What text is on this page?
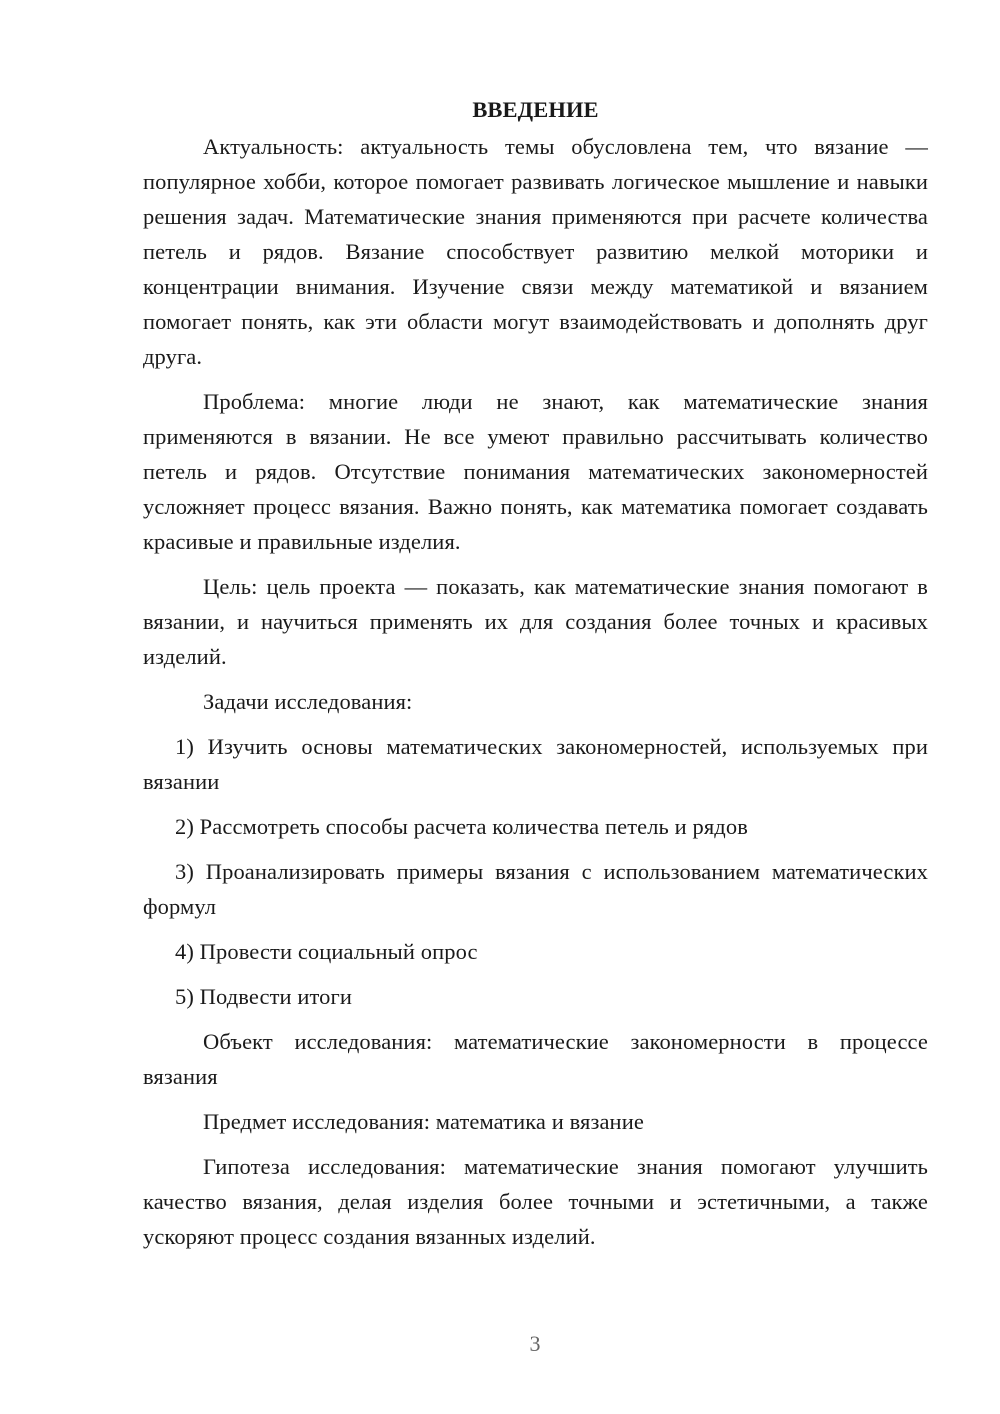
ВВЕДЕНИЕ

Актуальность: актуальность темы обусловлена тем, что вязание — популярное хобби, которое помогает развивать логическое мышление и навыки решения задач. Математические знания применяются при расчете количества петель и рядов. Вязание способствует развитию мелкой моторики и концентрации внимания. Изучение связи между математикой и вязанием помогает понять, как эти области могут взаимодействовать и дополнять друг друга.

Проблема: многие люди не знают, как математические знания применяются в вязании. Не все умеют правильно рассчитывать количество петель и рядов. Отсутствие понимания математических закономерностей усложняет процесс вязания. Важно понять, как математика помогает создавать красивые и правильные изделия.

Цель: цель проекта — показать, как математические знания помогают в вязании, и научиться применять их для создания более точных и красивых изделий.

Задачи исследования:

1) Изучить основы математических закономерностей, используемых при вязании

2) Рассмотреть способы расчета количества петель и рядов

3) Проанализировать примеры вязания с использованием математических формул

4) Провести социальный опрос

5) Подвести итоги

Объект исследования: математические закономерности в процессе вязания

Предмет исследования: математика и вязание

Гипотеза исследования: математические знания помогают улучшить качество вязания, делая изделия более точными и эстетичными, а также ускоряют процесс создания вязанных изделий.

3
